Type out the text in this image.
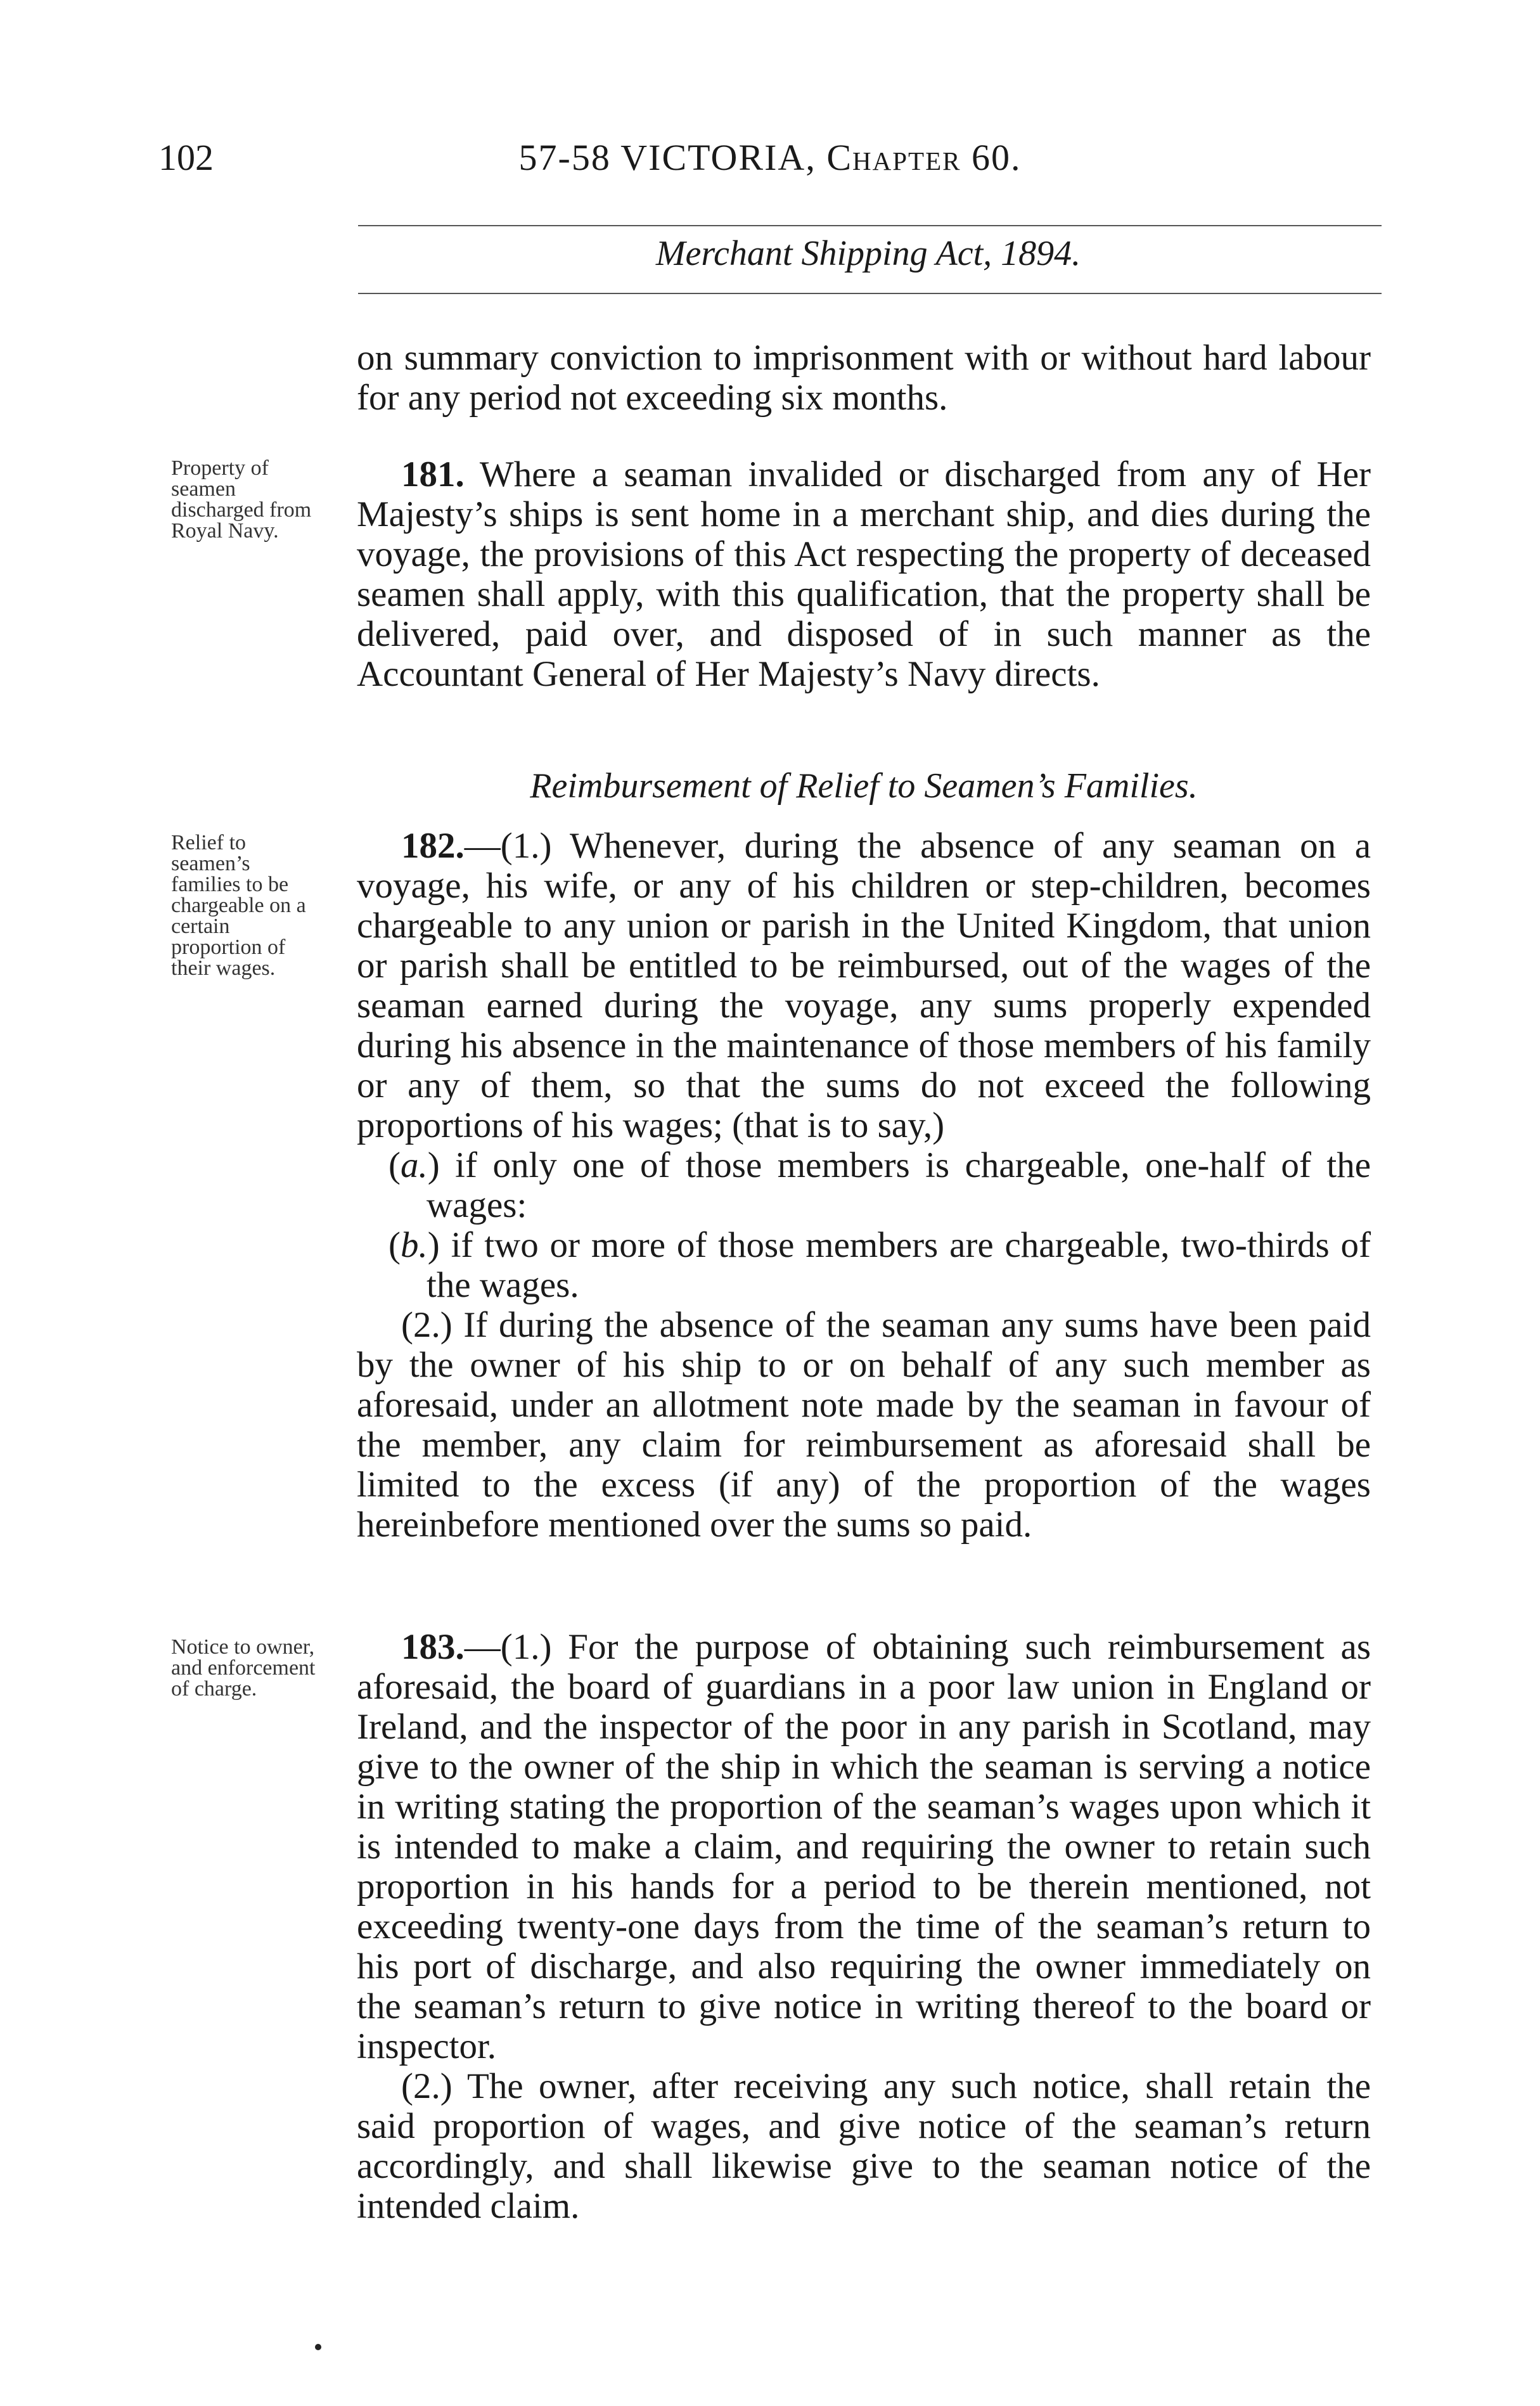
102	57-58 VICTORIA, Chapter 60.
Merchant Shipping Act, 1894.

on summary conviction to imprisonment with or without hard labour for any period not exceeding six months.

Property of seamen discharged from Royal Navy.

181. Where a seaman invalided or discharged from any of Her Majesty’s ships is sent home in a merchant ship, and dies during the voyage, the provisions of this Act respecting the property of deceased seamen shall apply, with this qualification, that the property shall be delivered, paid over, and disposed of in such manner as the Accountant General of Her Majesty’s Navy directs.

Reimbursement of Relief to Seamen’s Families.
Relief to seamen’s families to be chargeable on a certain proportion of their wages.

182.—(1.) Whenever, during the absence of any seaman on a voyage, his wife, or any of his children or step-children, becomes chargeable to any union or parish in the United Kingdom, that union or parish shall be entitled to be reimbursed, out of the wages of the seaman earned during the voyage, any sums properly expended during his absence in the maintenance of those members of his family or any of them, so that the sums do not exceed the following proportions of his wages; (that is to say,)

(a.) if only one of those members is chargeable, one-half of the wages:

(b.) if two or more of those members are chargeable, two-thirds of the wages.

(2.) If during the absence of the seaman any sums have been paid by the owner of his ship to or on behalf of any such member as aforesaid, under an allotment note made by the seaman in favour of the member, any claim for reimbursement as aforesaid shall be limited to the excess (if any) of the proportion of the wages hereinbefore mentioned over the sums so paid.

Notice to owner, and enforcement of charge.

183.—(1.) For the purpose of obtaining such reimbursement as aforesaid, the board of guardians in a poor law union in England or Ireland, and the inspector of the poor in any parish in Scotland, may give to the owner of the ship in which the seaman is serving a notice in writing stating the proportion of the seaman’s wages upon which it is intended to make a claim, and requiring the owner to retain such proportion in his hands for a period to be therein mentioned, not exceeding twenty-one days from the time of the seaman’s return to his port of discharge, and also requiring the owner immediately on the seaman’s return to give notice in writing thereof to the board or inspector.

(2.) The owner, after receiving any such notice, shall retain the said proportion of wages, and give notice of the seaman’s return accordingly, and shall likewise give to the seaman notice of the intended claim.
